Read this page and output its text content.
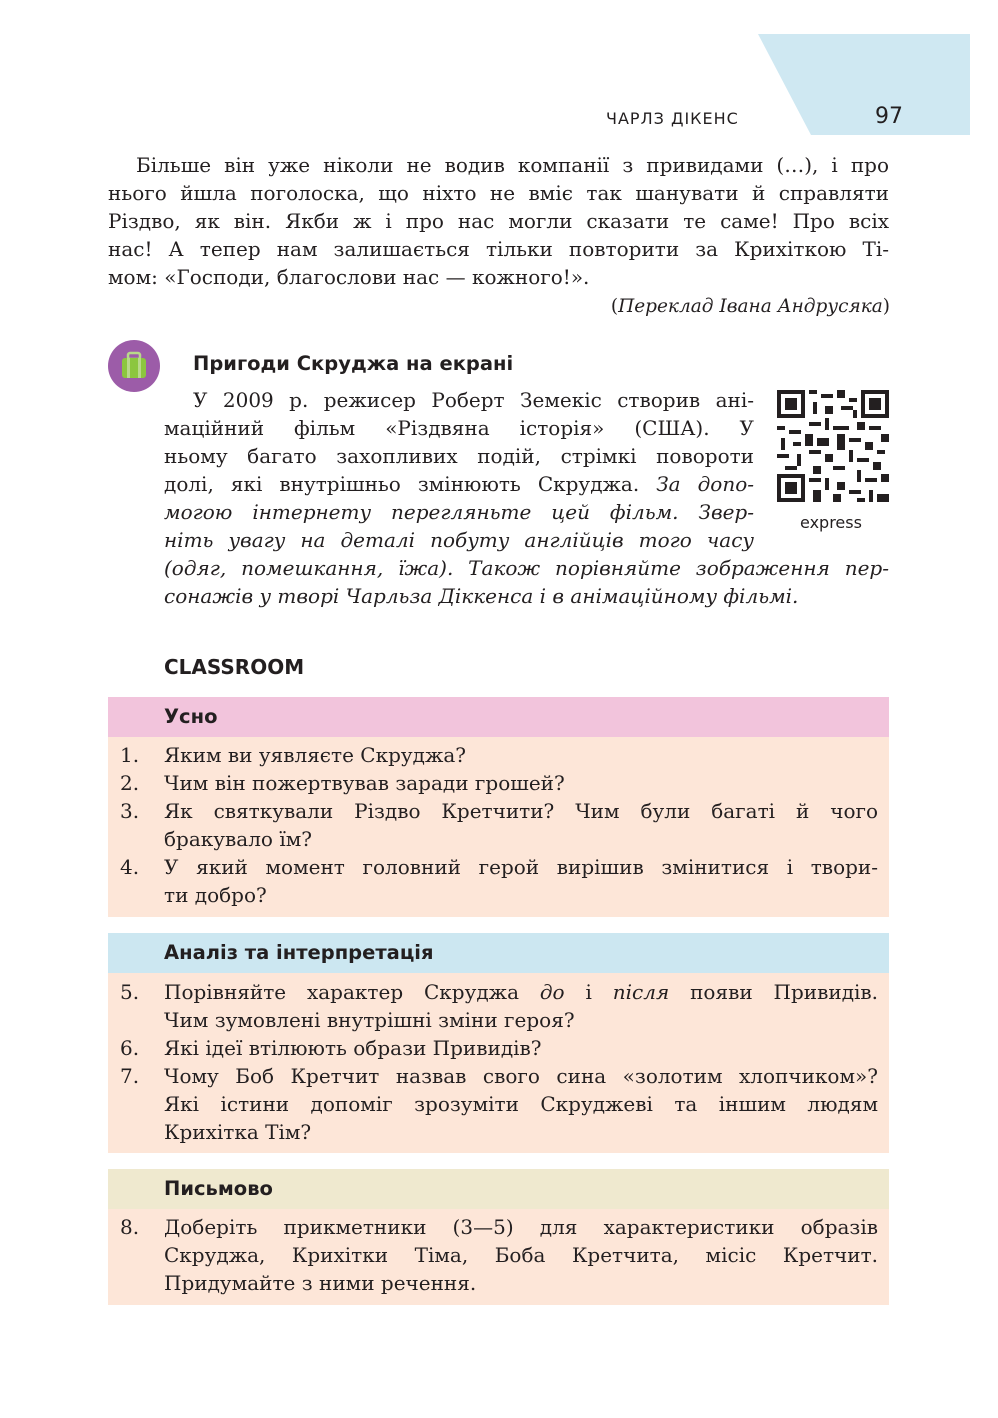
ЧАРЛЗ ДІКЕНС	97
Більше він уже ніколи не водив компанії з привидами (…), і про
нього йшла поголоска, що ніхто не вміє так шанувати й справляти
Різдво, як він. Якби ж і про нас могли сказати те саме! Про всіх
нас! А тепер нам залишається тільки повторити за Крихіткою Ті-
мом: «Господи, благослови нас — кожного!».
(Переклад Івана Андрусяка)
Пригоди Скруджа на екрані
У 2009 р. режисер Роберт Земекіс створив ані-
маційний фільм «Різдвяна історія» (США). У
ньому багато захопливих подій, стрімкі повороти
долі, які внутрішньо змінюють Скруджа. За допо-
могою інтернету перегляньте цей фільм. Звер-
ніть увагу на деталі побуту англійців того часу
(одяг, помешкання, їжа). Також порівняйте зображення пер-
сонажів у творі Чарльза Діккенса і в анімаційному фільмі.
express
CLASSROOM
Усно
1.	Яким ви уявляєте Скруджа?
2.	Чим він пожертвував заради грошей?
3.	Як святкували Різдво Кретчити? Чим були багаті й чого
бракувало їм?
4.	У який момент головний герой вирішив змінитися і твори-
ти добро?
Аналіз та інтерпретація
5.	Порівняйте характер Скруджа до і після появи Привидів.
Чим зумовлені внутрішні зміни героя?
6.	Які ідеї втілюють образи Привидів?
7.	Чому Боб Кретчит назвав свого сина «золотим хлопчиком»?
Які істини допоміг зрозуміти Скруджеві та іншим людям
Крихітка Тім?
Письмово
8.	Доберіть прикметники (3—5) для характеристики образів
Скруджа, Крихітки Тіма, Боба Кретчита, місіс Кретчит.
Придумайте з ними речення.
